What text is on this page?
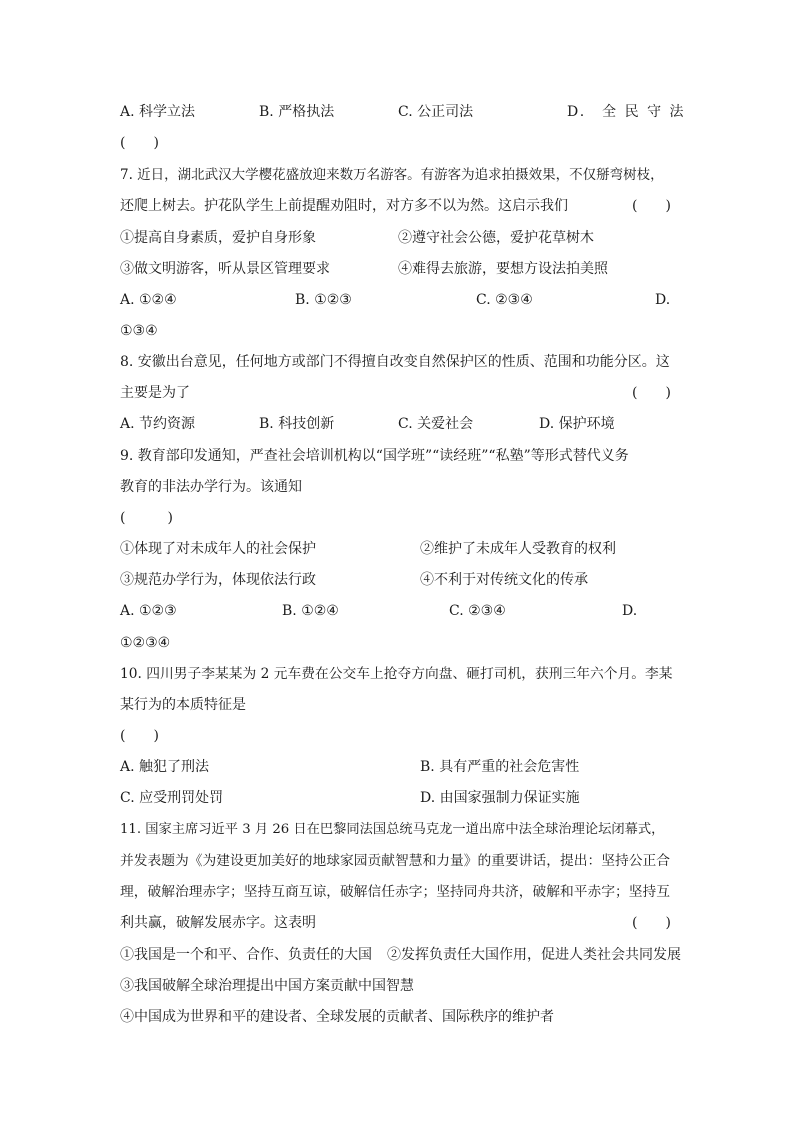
A. 科学立法	B. 严格执法	C. 公正司法	D.　全 民 守 法
(　　)
7. 近日，湖北武汉大学樱花盛放迎来数万名游客。有游客为追求拍摄效果，不仅掰弯树枝，
还爬上树去。护花队学生上前提醒劝阻时，对方多不以为然。这启示我们	(　　)
①提高自身素质，爱护自身形象	②遵守社会公德，爱护花草树木
③做文明游客，听从景区管理要求	④难得去旅游，要想方设法拍美照
A. ①②④	B. ①②③	C. ②③④	D.
①③④
8. 安徽出台意见，任何地方或部门不得擅自改变自然保护区的性质、范围和功能分区。这
主要是为了	(　　)
A. 节约资源	B. 科技创新	C. 关爱社会	D. 保护环境
9. 教育部印发通知，严查社会培训机构以“国学班”“读经班”“私塾”等形式替代义务
教育的非法办学行为。该通知
(　　　)
①体现了对未成年人的社会保护	②维护了未成年人受教育的权利
③规范办学行为，体现依法行政	④不利于对传统文化的传承
A. ①②③	B. ①②④	C. ②③④	D.
①②③④
10. 四川男子李某某为 2 元车费在公交车上抢夺方向盘、砸打司机，获刑三年六个月。李某
某行为的本质特征是
(　　)
A. 触犯了刑法	B. 具有严重的社会危害性
C. 应受刑罚处罚	D. 由国家强制力保证实施
11. 国家主席习近平 3 月 26 日在巴黎同法国总统马克龙一道出席中法全球治理论坛闭幕式，
并发表题为《为建设更加美好的地球家园贡献智慧和力量》的重要讲话，提出：坚持公正合
理，破解治理赤字；坚持互商互谅，破解信任赤字；坚持同舟共济，破解和平赤字；坚持互
利共赢，破解发展赤字。这表明	(　　)
①我国是一个和平、合作、负责任的大国 ②发挥负责任大国作用，促进人类社会共同发展
③我国破解全球治理提出中国方案贡献中国智慧
④中国成为世界和平的建设者、全球发展的贡献者、国际秩序的维护者
